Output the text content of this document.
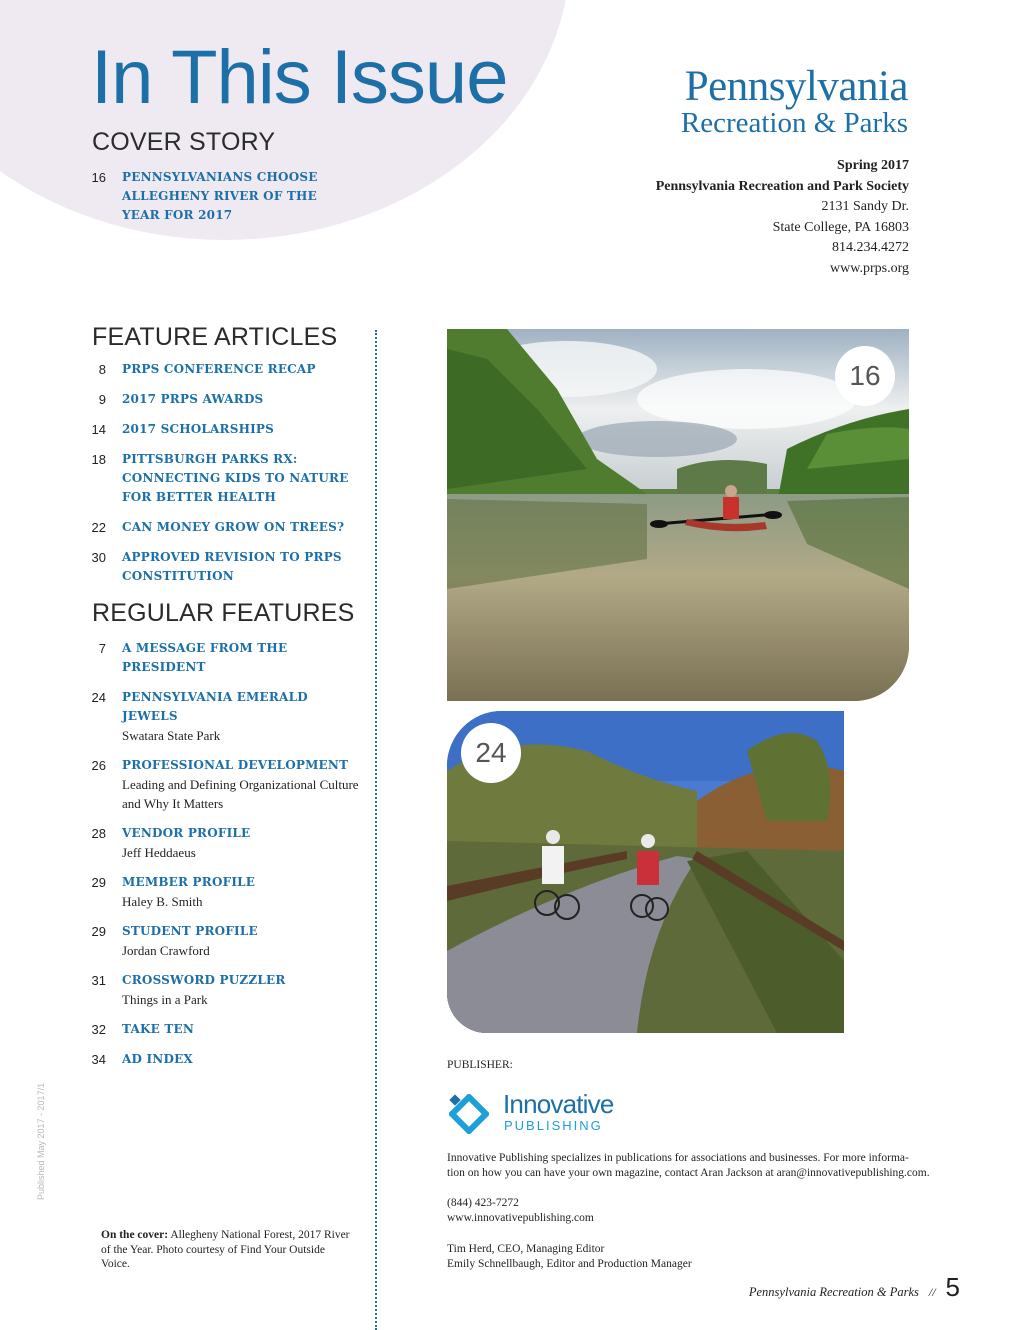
In This Issue
COVER STORY
16	PENNSYLVANIANS CHOOSE ALLEGHENY RIVER OF THE YEAR FOR 2017
FEATURE ARTICLES
8	PRPS CONFERENCE RECAP
9	2017 PRPS AWARDS
14	2017 SCHOLARSHIPS
18	PITTSBURGH PARKS RX: CONNECTING KIDS TO NATURE FOR BETTER HEALTH
22	CAN MONEY GROW ON TREES?
30	APPROVED REVISION TO PRPS CONSTITUTION
REGULAR FEATURES
7	A MESSAGE FROM THE PRESIDENT
24	PENNSYLVANIA EMERALD JEWELS
Swatara State Park
26	PROFESSIONAL DEVELOPMENT
Leading and Defining Organizational Culture and Why It Matters
28	VENDOR PROFILE
Jeff Heddaeus
29	MEMBER PROFILE
Haley B. Smith
29	STUDENT PROFILE
Jordan Crawford
31	CROSSWORD PUZZLER
Things in a Park
32	TAKE TEN
34	AD INDEX
Pennsylvania
Recreation & Parks
Spring 2017
Pennsylvania Recreation and Park Society
2131 Sandy Dr.
State College, PA 16803
814.234.4272
www.prps.org
16
24
PUBLISHER:
Innovative
PUBLISHING
Innovative Publishing specializes in publications for associations and businesses. For more informa-
tion on how you can have your own magazine, contact Aran Jackson at aran@innovativepublishing.com.
(844) 423-7272
www.innovativepublishing.com
Tim Herd, CEO, Managing Editor
Emily Schnellbaugh, Editor and Production Manager
On the cover: Allegheny National Forest, 2017 River of the Year. Photo courtesy of Find Your Outside Voice.
Published May 2017 - 2017/1
Pennsylvania Recreation & Parks // 5
